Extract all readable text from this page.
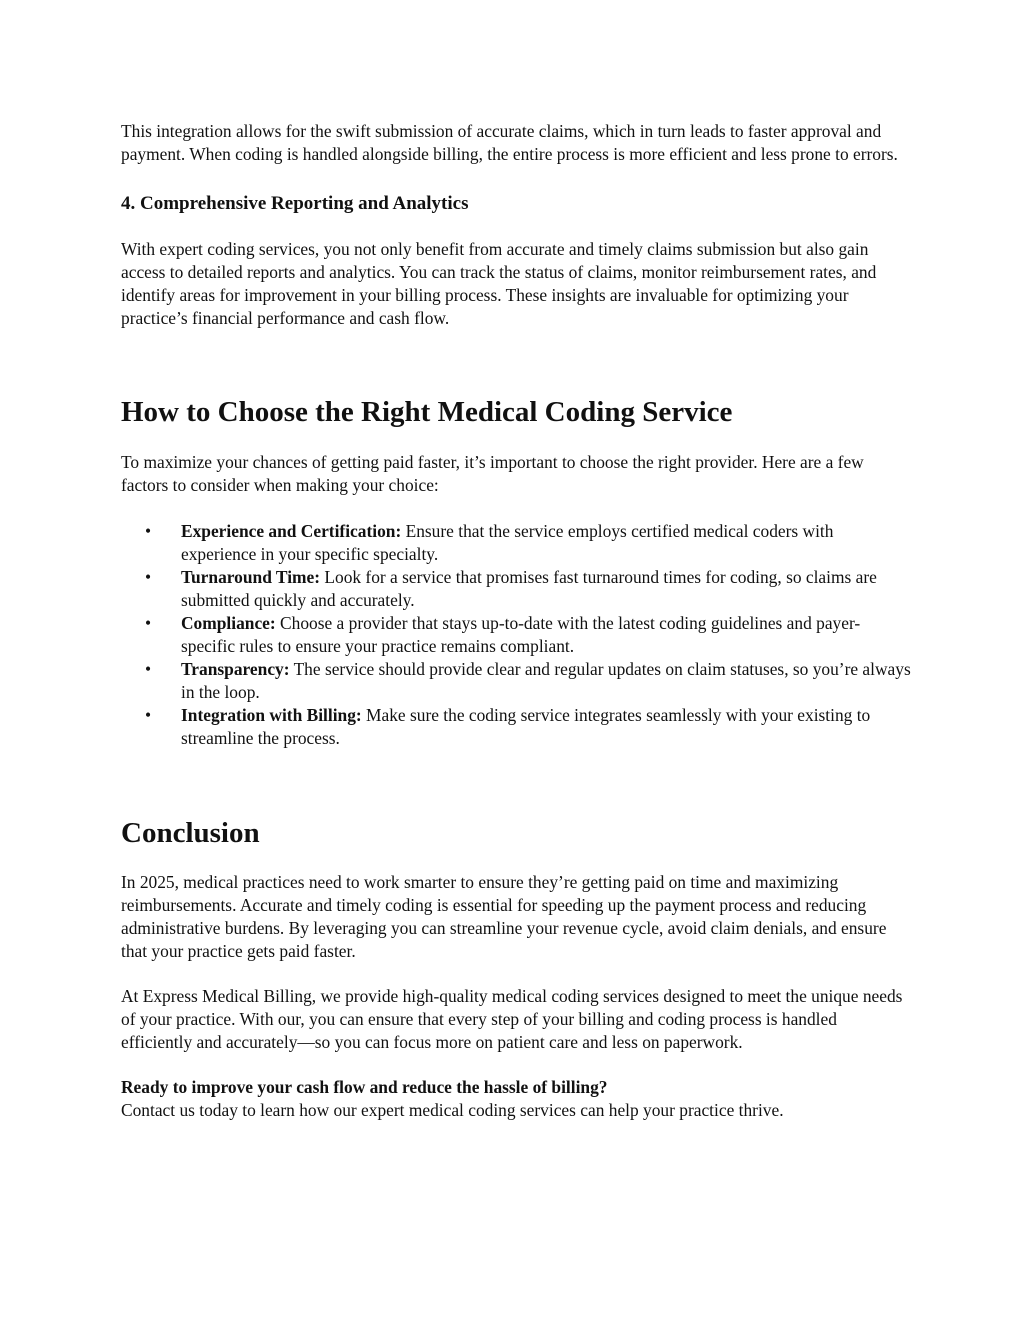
This integration allows for the swift submission of accurate claims, which in turn leads to faster approval and payment. When coding is handled alongside billing, the entire process is more efficient and less prone to errors.

4. Comprehensive Reporting and Analytics

With expert coding services, you not only benefit from accurate and timely claims submission but also gain access to detailed reports and analytics. You can track the status of claims, monitor reimbursement rates, and identify areas for improvement in your billing process. These insights are invaluable for optimizing your practice’s financial performance and cash flow.

How to Choose the Right Medical Coding Service

To maximize your chances of getting paid faster, it’s important to choose the right provider. Here are a few factors to consider when making your choice:

• Experience and Certification: Ensure that the service employs certified medical coders with experience in your specific specialty.
• Turnaround Time: Look for a service that promises fast turnaround times for coding, so claims are submitted quickly and accurately.
• Compliance: Choose a provider that stays up-to-date with the latest coding guidelines and payer-specific rules to ensure your practice remains compliant.
• Transparency: The service should provide clear and regular updates on claim statuses, so you’re always in the loop.
• Integration with Billing: Make sure the coding service integrates seamlessly with your existing to streamline the process.
Conclusion

In 2025, medical practices need to work smarter to ensure they’re getting paid on time and maximizing reimbursements. Accurate and timely coding is essential for speeding up the payment process and reducing administrative burdens. By leveraging you can streamline your revenue cycle, avoid claim denials, and ensure that your practice gets paid faster.

At Express Medical Billing, we provide high-quality medical coding services designed to meet the unique needs of your practice. With our, you can ensure that every step of your billing and coding process is handled efficiently and accurately—so you can focus more on patient care and less on paperwork.

Ready to improve your cash flow and reduce the hassle of billing?
Contact us today to learn how our expert medical coding services can help your practice thrive.
